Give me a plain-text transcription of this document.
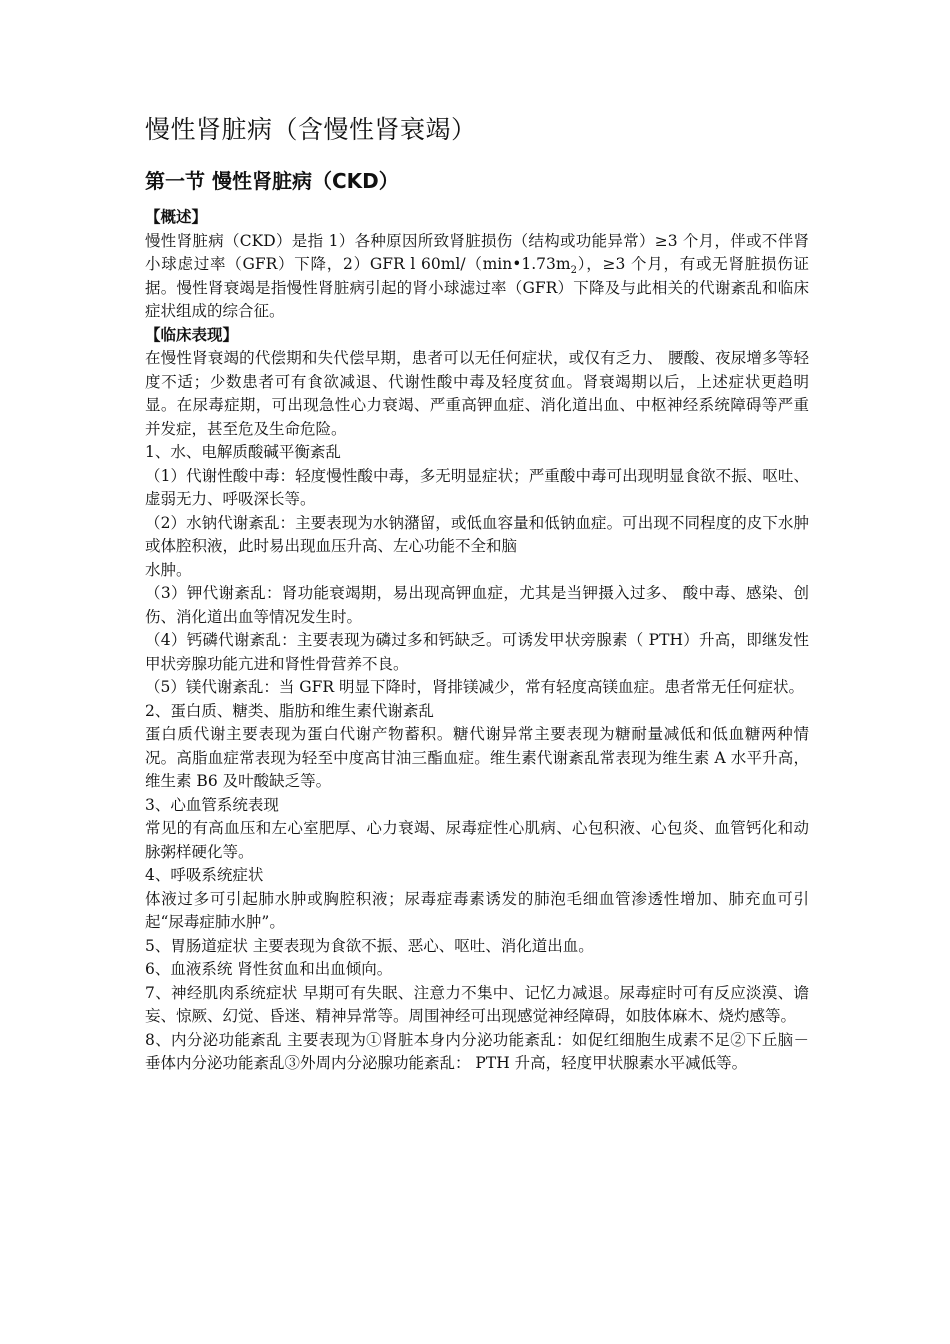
慢性肾脏病（含慢性肾衰竭）
第一节 慢性肾脏病（CKD）
【概述】
慢性肾脏病（CKD）是指 1）各种原因所致肾脏损伤（结构或功能异常）≥3 个月，伴或不伴肾小球虑过率（GFR）下降，2）GFR l $60ml/(\min•1.73m_2)$，≥3 个月，有或无肾脏损伤证据。慢性肾衰竭是指慢性肾脏病引起的肾小球滤过率（GFR）下降及与此相关的代谢紊乱和临床症状组成的综合征。
【临床表现】
在慢性肾衰竭的代偿期和失代偿早期，患者可以无任何症状，或仅有乏力、 腰酸、夜尿增多等轻度不适；少数患者可有食欲减退、代谢性酸中毒及轻度贫血。肾衰竭期以后，上述症状更趋明显。在尿毒症期，可出现急性心力衰竭、严重高钾血症、消化道出血、中枢神经系统障碍等严重并发症，甚至危及生命危险。
1、水、电解质酸碱平衡紊乱
（1）代谢性酸中毒：轻度慢性酸中毒，多无明显症状；严重酸中毒可出现明显食欲不振、呕吐、虚弱无力、呼吸深长等。
（2）水钠代谢紊乱：主要表现为水钠潴留，或低血容量和低钠血症。可出现不同程度的皮下水肿或体腔积液，此时易出现血压升高、左心功能不全和脑
水肿。
（3）钾代谢紊乱：肾功能衰竭期，易出现高钾血症，尤其是当钾摄入过多、 酸中毒、感染、创伤、消化道出血等情况发生时。
（4）钙磷代谢紊乱：主要表现为磷过多和钙缺乏。可诱发甲状旁腺素（ PTH）升高，即继发性甲状旁腺功能亢进和肾性骨营养不良。
（5）镁代谢紊乱：当 GFR 明显下降时，肾排镁减少，常有轻度高镁血症。患者常无任何症状。
2、蛋白质、糖类、脂肪和维生素代谢紊乱
蛋白质代谢主要表现为蛋白代谢产物蓄积。糖代谢异常主要表现为糖耐量减低和低血糖两种情况。高脂血症常表现为轻至中度高甘油三酯血症。维生素代谢紊乱常表现为维生素 A 水平升高，维生素 B6 及叶酸缺乏等。
3、心血管系统表现
常见的有高血压和左心室肥厚、心力衰竭、尿毒症性心肌病、心包积液、心包炎、血管钙化和动脉粥样硬化等。
4、呼吸系统症状
体液过多可引起肺水肿或胸腔积液；尿毒症毒素诱发的肺泡毛细血管渗透性增加、肺充血可引起“尿毒症肺水肿”。
5、胃肠道症状 主要表现为食欲不振、恶心、呕吐、消化道出血。
6、血液系统 肾性贫血和出血倾向。
7、神经肌肉系统症状 早期可有失眠、注意力不集中、记忆力减退。尿毒症时可有反应淡漠、谵妄、惊厥、幻觉、昏迷、精神异常等。周围神经可出现感觉神经障碍，如肢体麻木、烧灼感等。
8、内分泌功能紊乱 主要表现为①肾脏本身内分泌功能紊乱：如促红细胞生成素不足②下丘脑－垂体内分泌功能紊乱③外周内分泌腺功能紊乱： PTH 升高，轻度甲状腺素水平减低等。
